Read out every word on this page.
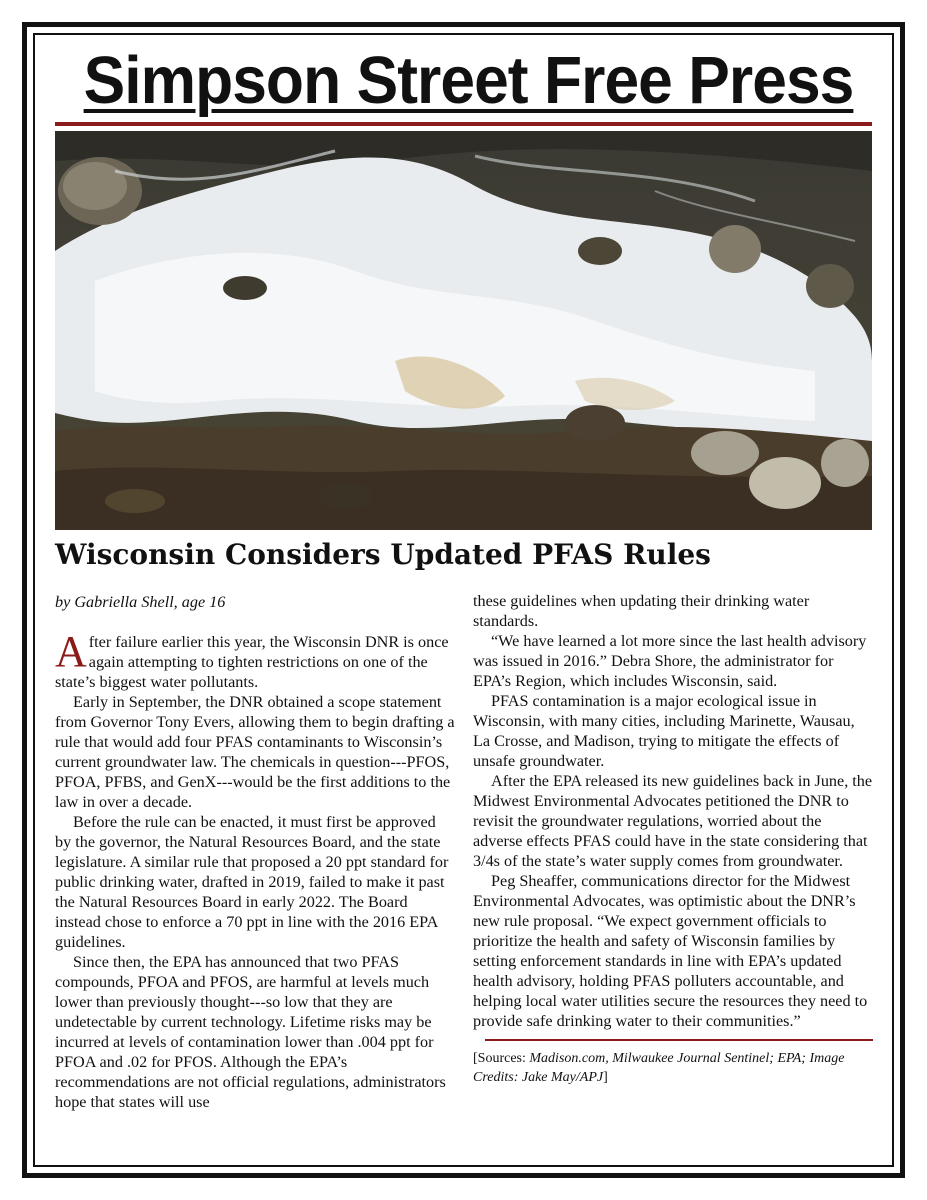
Simpson Street Free Press
Wisconsin Considers Updated PFAS Rules

by Gabriella Shell, age 16

After failure earlier this year, the Wisconsin DNR is once again attempting to tighten restrictions on one of the state’s biggest water pollutants.

Early in September, the DNR obtained a scope statement from Governor Tony Evers, allowing them to begin drafting a rule that would add four PFAS contaminants to Wisconsin’s current groundwater law. The chemicals in question---PFOS, PFOA, PFBS, and GenX---would be the first additions to the law in over a decade.

Before the rule can be enacted, it must first be approved by the governor, the Natural Resources Board, and the state legislature. A similar rule that proposed a 20 ppt standard for public drinking water, drafted in 2019, failed to make it past the Natural Resources Board in early 2022. The Board instead chose to enforce a 70 ppt in line with the 2016 EPA guidelines.

Since then, the EPA has announced that two PFAS compounds, PFOA and PFOS, are harmful at levels much lower than previously thought---so low that they are undetectable by current technology. Lifetime risks may be incurred at levels of contamination lower than .004 ppt for PFOA and .02 for PFOS. Although the EPA’s recommendations are not official regulations, administrators hope that states will use

these guidelines when updating their drinking water standards.

“We have learned a lot more since the last health advisory was issued in 2016.” Debra Shore, the administrator for EPA’s Region, which includes Wisconsin, said.

PFAS contamination is a major ecological issue in Wisconsin, with many cities, including Marinette, Wausau, La Crosse, and Madison, trying to mitigate the effects of unsafe groundwater.

After the EPA released its new guidelines back in June, the Midwest Environmental Advocates petitioned the DNR to revisit the groundwater regulations, worried about the adverse effects PFAS could have in the state considering that 3/4s of the state’s water supply comes from groundwater.

Peg Sheaffer, communications director for the Midwest Environmental Advocates, was optimistic about the DNR’s new rule proposal. “We expect government officials to prioritize the health and safety of Wisconsin families by setting enforcement standards in line with EPA’s updated health advisory, holding PFAS polluters accountable, and helping local water utilities secure the resources they need to provide safe drinking water to their communities.”

[Sources: Madison.com, Milwaukee Journal Sentinel; EPA; Image Credits: Jake May/APJ]
